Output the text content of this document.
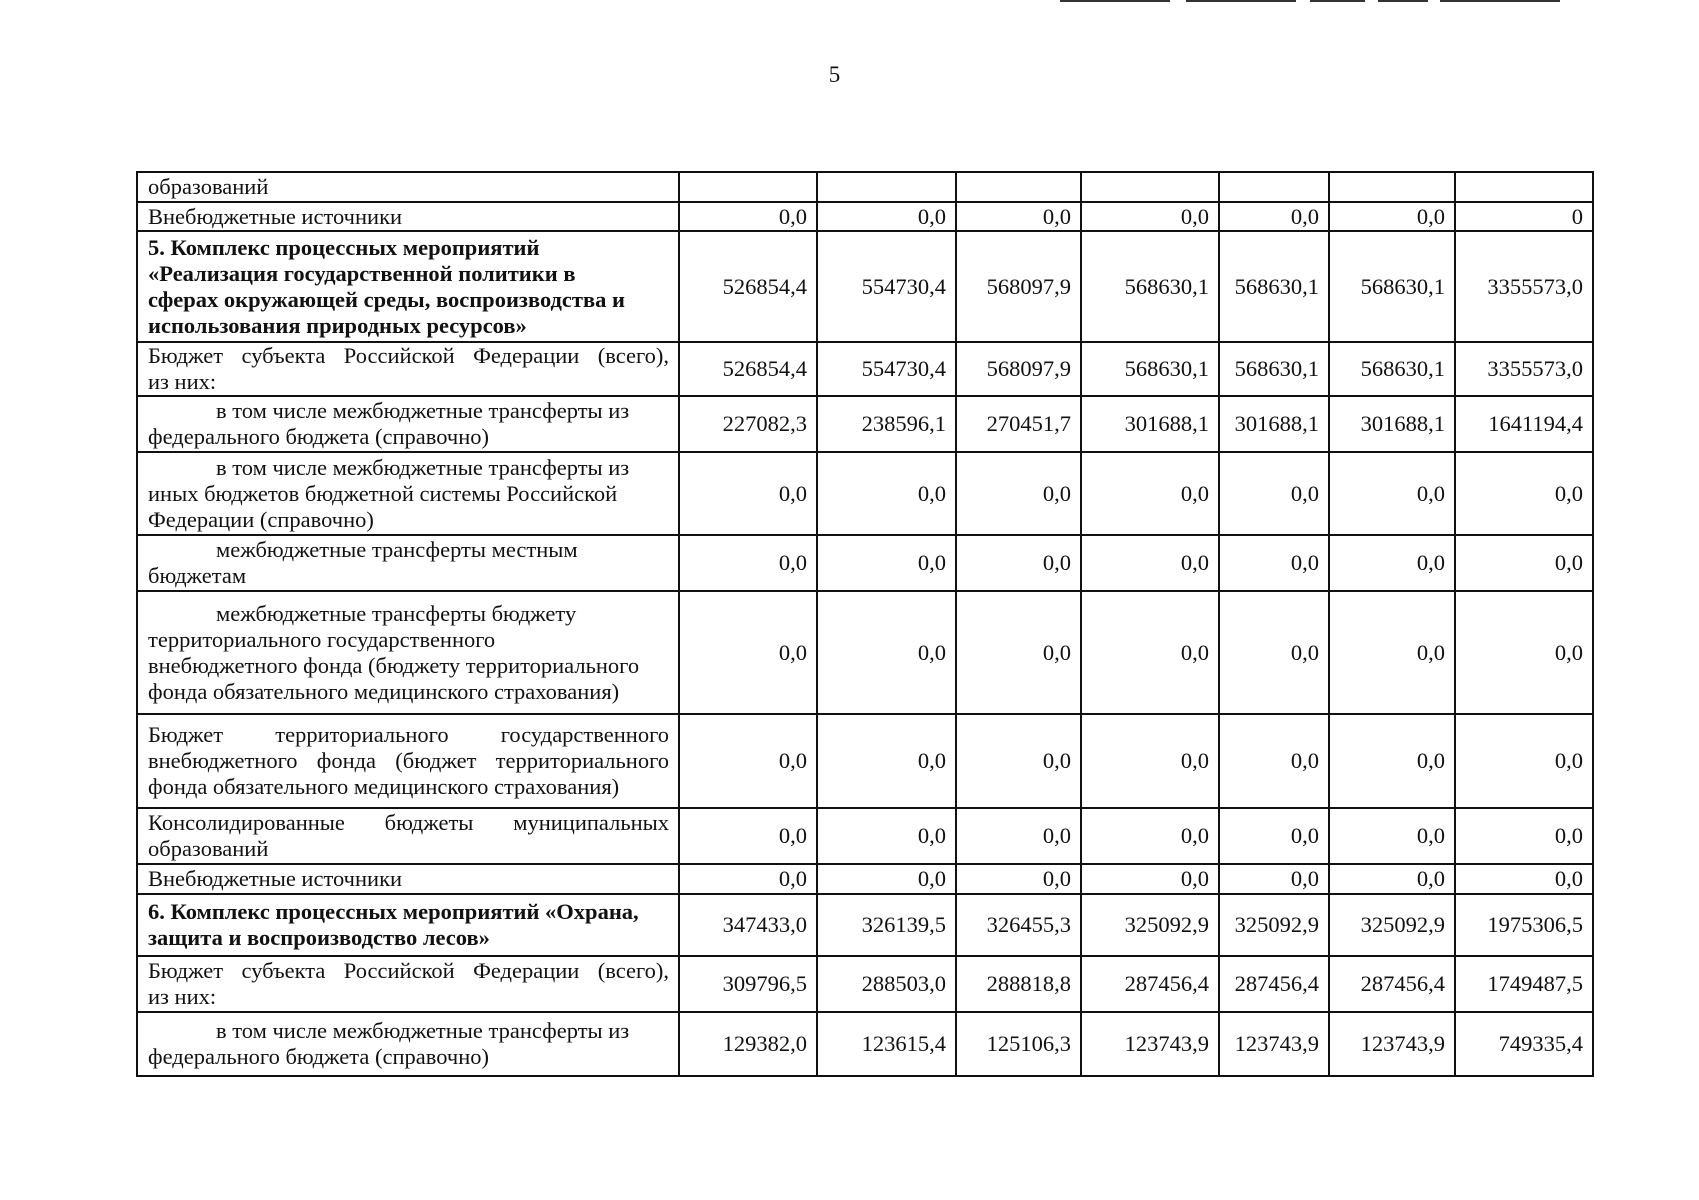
5
образований							

Внебюджетные источники	0,0	0,0	0,0	0,0	0,0	0,0	0

5. Комплекс процессных мероприятий
«Реализация государственной политики в
сферах окружающей среды, воспроизводства и
использования природных ресурсов»	526854,4	554730,4	568097,9	568630,1	568630,1	568630,1	3355573,0

Бюджет субъекта Российской Федерации (всего),
из них:	526854,4	554730,4	568097,9	568630,1	568630,1	568630,1	3355573,0

в том числе межбюджетные трансферты из
федерального бюджета (справочно)	227082,3	238596,1	270451,7	301688,1	301688,1	301688,1	1641194,4

в том числе межбюджетные трансферты из
иных бюджетов бюджетной системы Российской
Федерации (справочно)	0,0	0,0	0,0	0,0	0,0	0,0	0,0

межбюджетные трансферты местным
бюджетам	0,0	0,0	0,0	0,0	0,0	0,0	0,0

межбюджетные трансферты бюджету
территориального государственного
внебюджетного фонда (бюджету территориального
фонда обязательного медицинского страхования)	0,0	0,0	0,0	0,0	0,0	0,0	0,0

Бюджет территориального государственного
внебюджетного фонда (бюджет территориального
фонда обязательного медицинского страхования)	0,0	0,0	0,0	0,0	0,0	0,0	0,0

Консолидированные бюджеты муниципальных
образований	0,0	0,0	0,0	0,0	0,0	0,0	0,0

Внебюджетные источники	0,0	0,0	0,0	0,0	0,0	0,0	0,0

6. Комплекс процессных мероприятий «Охрана,
защита и воспроизводство лесов»	347433,0	326139,5	326455,3	325092,9	325092,9	325092,9	1975306,5

Бюджет субъекта Российской Федерации (всего),
из них:	309796,5	288503,0	288818,8	287456,4	287456,4	287456,4	1749487,5

в том числе межбюджетные трансферты из
федерального бюджета (справочно)	129382,0	123615,4	125106,3	123743,9	123743,9	123743,9	749335,4
